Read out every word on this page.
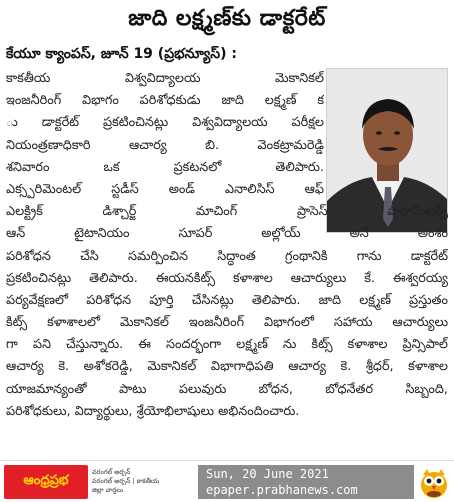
జాది లక్ష్మణ్‌కు డాక్టరేట్
కేయూ క్యాంపస్, జూన్ 19 (ప్రభన్యూస్) :
కాకతీయ విశ్వవిద్యాలయ మెకానికల్
ఇంజనీరింగ్ విభాగం పరిశోధకుడు జాది లక్ష్మణ్ క
ు డాక్టరేట్ ప్రకటించినట్లు విశ్వవిద్యాలయ పరీక్షల
నియంత్రణాధికారి ఆచార్య బి. వెంకట్రామరెడ్డి
శనివారం ఒక ప్రకటనలో తెలిపారు.
ఎక్స్పరిమెంటల్ స్టడీస్ అండ్ ఎనాలిసిస్ ఆఫ్
ఎలక్ట్రిక్ డిశ్చార్జ్ మాచింగ్ ప్రాసెస్ పారామీటర్స్
ఆన్ టైటానియం సూపర్ అల్లోయ్ అనే అంశం
పరిశోధన చేసి సమర్పించిన సిద్ధాంత గ్రంథానికి గాను డాక్టరేట్
ప్రకటించినట్లు తెలిపారు. ఈయనకిట్స్ కళాశాల ఆచార్యులు కే. ఈశ్వరయ్య
పర్యవేక్షణలో పరిశోధన పూర్తి చేసినట్లు తెలిపారు. జాది లక్ష్మణ్ ప్రస్తుతం
కిట్స్ కళాశాలలో మెకానికల్ ఇంజనీరింగ్ విభాగంలో సహాయ ఆచార్యులు
గా పని చేస్తున్నారు. ఈ సందర్భంగా లక్ష్మణ్ ను కిట్స్ కళాశాల ప్రిన్సిపాల్
ఆచార్య కె. అశోకరెడ్డి, మెకానికల్ విభాగాధిపతి ఆచార్య కె. శ్రీధర్, కళాశాల
యాజమాన్యంతో పాటు పలువురు బోధన, బోధనేతర సిబ్బంది,
పరిశోధకులు, విద్యార్థులు, శ్రేయోభిలాషులు అభినందించారు.
ఆంధ్రప్రభ
వరంగల్ అర్బన్
వరంగల్ అర్బన్ | కాకతీయ
జిల్లా వార్తలు
Sun, 20 June 2021
epaper.prabhanews.com
